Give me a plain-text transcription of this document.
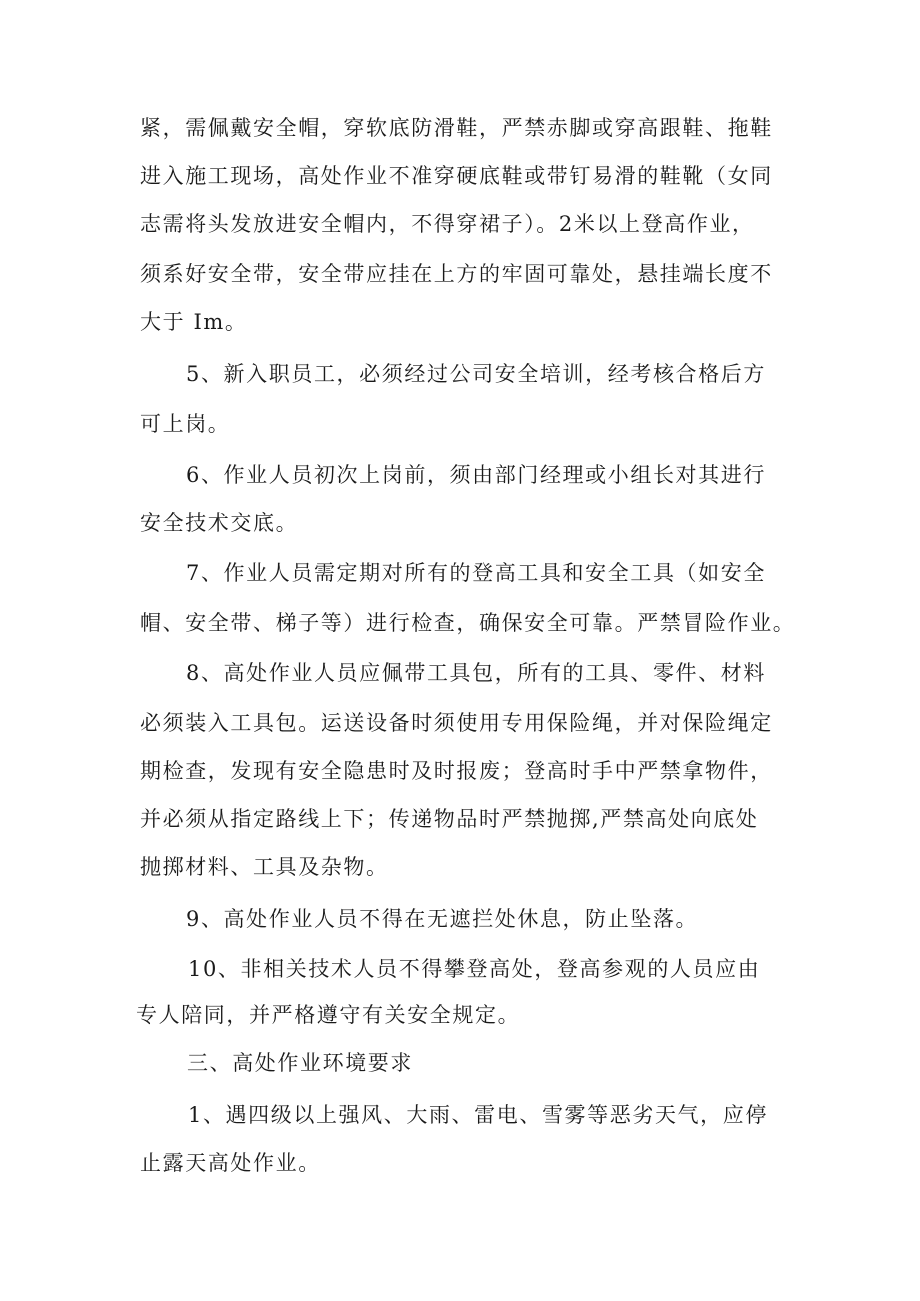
紧，需佩戴安全帽，穿软底防滑鞋，严禁赤脚或穿高跟鞋、拖鞋
进入施工现场，高处作业不准穿硬底鞋或带钉易滑的鞋靴（女同
志需将头发放进安全帽内，不得穿裙子）。2米以上登高作业，
须系好安全带，安全带应挂在上方的牢固可靠处，悬挂端长度不
大于 Im。
5、新入职员工，必须经过公司安全培训，经考核合格后方
可上岗。
6、作业人员初次上岗前，须由部门经理或小组长对其进行
安全技术交底。
7、作业人员需定期对所有的登高工具和安全工具（如安全
帽、安全带、梯子等）进行检查，确保安全可靠。严禁冒险作业。
8、高处作业人员应佩带工具包，所有的工具、零件、材料
必须装入工具包。运送设备时须使用专用保险绳，并对保险绳定
期检查，发现有安全隐患时及时报废；登高时手中严禁拿物件，
并必须从指定路线上下；传递物品时严禁抛掷,严禁高处向底处
抛掷材料、工具及杂物。
9、高处作业人员不得在无遮拦处休息，防止坠落。
10、非相关技术人员不得攀登高处，登高参观的人员应由
专人陪同，并严格遵守有关安全规定。
三、高处作业环境要求
1、遇四级以上强风、大雨、雷电、雪雾等恶劣天气，应停
止露天高处作业。
